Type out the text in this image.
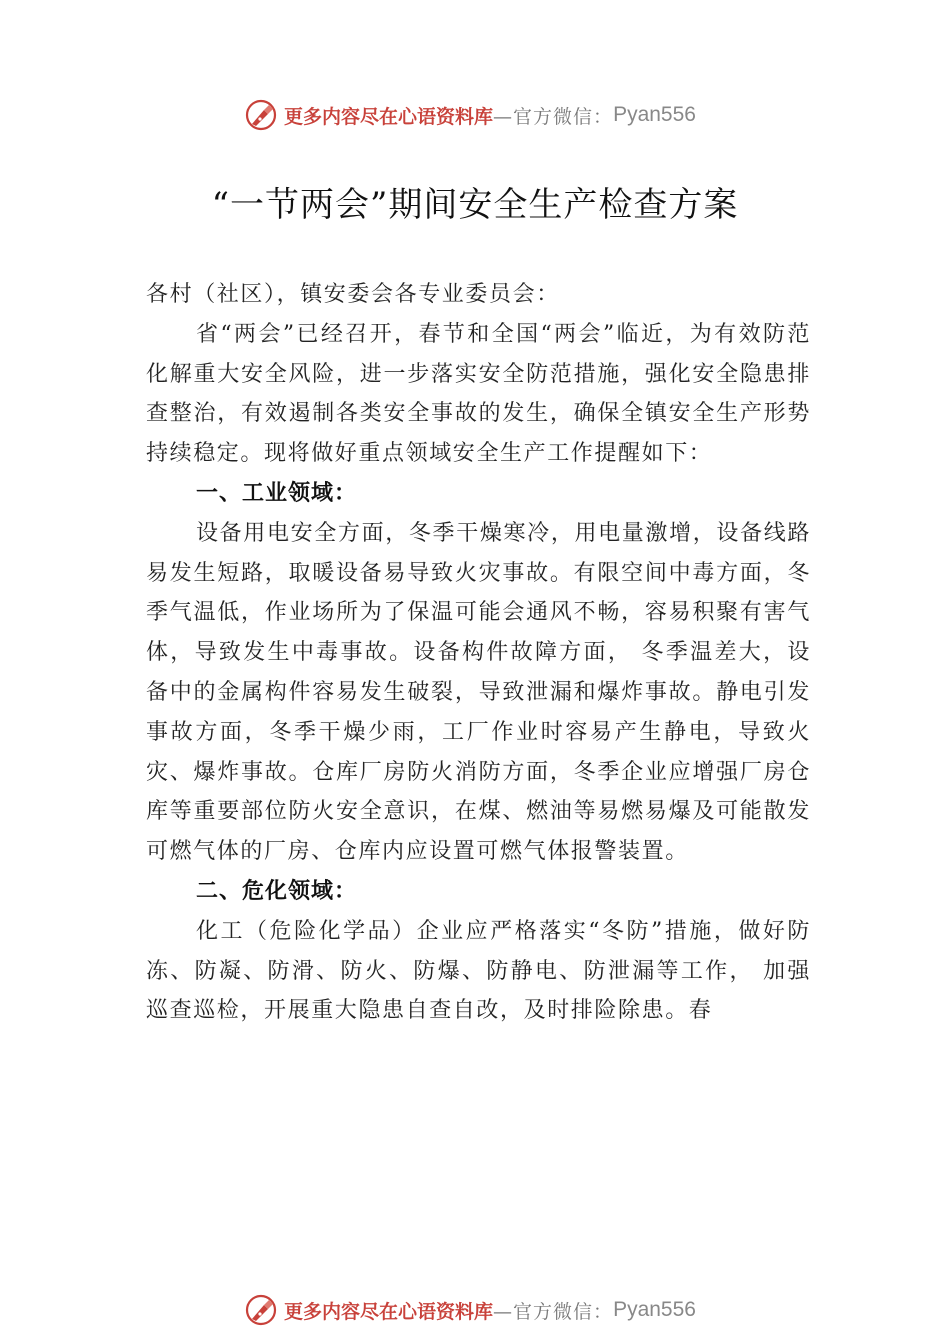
更多内容尽在心语资料库 —官方微信： Pyan556
“一节两会”期间安全生产检查方案

各村（社区），镇安委会各专业委员会：

省“两会”已经召开，春节和全国“两会”临近，为有效防范化解重大安全风险，进一步落实安全防范措施，强化安全隐患排查整治，有效遏制各类安全事故的发生，确保全镇安全生产形势持续稳定。现将做好重点领域安全生产工作提醒如下：

一、工业领域：

设备用电安全方面，冬季干燥寒冷，用电量激增，设备线路易发生短路，取暖设备易导致火灾事故。有限空间中毒方面，冬季气温低，作业场所为了保温可能会通风不畅，容易积聚有害气体，导致发生中毒事故。设备构件故障方面， 冬季温差大，设备中的金属构件容易发生破裂，导致泄漏和爆炸事故。静电引发事故方面，冬季干燥少雨，工厂作业时容易产生静电，导致火灾、爆炸事故。仓库厂房防火消防方面，冬季企业应增强厂房仓库等重要部位防火安全意识，在煤、燃油等易燃易爆及可能散发可燃气体的厂房、仓库内应设置可燃气体报警装置。

二、危化领域：

化工（危险化学品）企业应严格落实“冬防”措施，做好防冻、防凝、防滑、防火、防爆、防静电、防泄漏等工作， 加强巡查巡检，开展重大隐患自查自改，及时排险除患。春

更多内容尽在心语资料库 —官方微信： Pyan556
